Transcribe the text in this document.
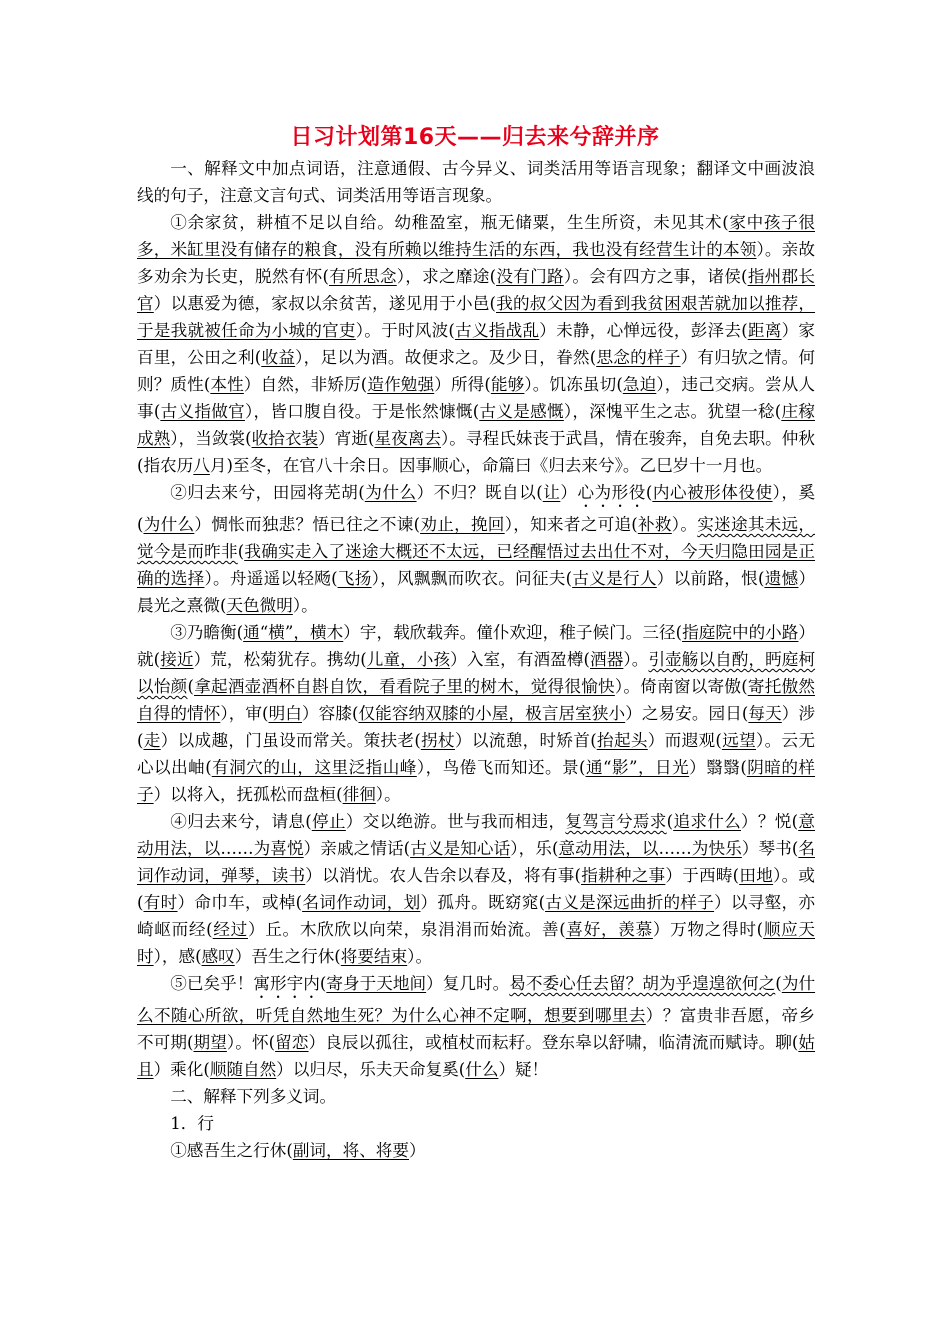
日习计划第16天——归去来兮辞并序

一、解释文中加点词语，注意通假、古今异义、词类活用等语言现象；翻译文中画波浪线的句子，注意文言句式、词类活用等语言现象。

①余家贫，耕植不足以自给。幼稚盈室，瓶无储粟，生生所资，未见其术(家中孩子很多，米缸里没有储存的粮食，没有所赖以维持生活的东西，我也没有经营生计的本领）。亲故多劝余为长吏，脱然有怀(有所思念），求之靡途(没有门路）。会有四方之事，诸侯(指州郡长官）以惠爱为德，家叔以余贫苦，遂见用于小邑(我的叔父因为看到我贫困艰苦就加以推荐，于是我就被任命为小城的官吏）。于时风波(古义指战乱）未静，心惮远役，彭泽去(距离）家百里，公田之利(收益），足以为酒。故便求之。及少日，眷然(思念的样子）有归欤之情。何则？质性(本性）自然，非矫厉(造作勉强）所得(能够）。饥冻虽切(急迫），违己交病。尝从人事(古义指做官），皆口腹自役。于是怅然慷慨(古义是感慨），深愧平生之志。犹望一稔(庄稼成熟），当敛裳(收拾衣装）宵逝(星夜离去）。寻程氏妹丧于武昌，情在骏奔，自免去职。仲秋(指农历八月)至冬，在官八十余日。因事顺心，命篇曰《归去来兮》。乙巳岁十一月也。

②归去来兮，田园将芜胡(为什么）不归？既自以(让）心为形役(内心被形体役使），奚(为什么）惆怅而独悲？悟已往之不谏(劝止，挽回），知来者之可追(补救）。实迷途其未远，觉今是而昨非(我确实走入了迷途大概还不太远，已经醒悟过去出仕不对，今天归隐田园是正确的选择）。舟遥遥以轻飏(飞扬），风飘飘而吹衣。问征夫(古义是行人）以前路，恨(遗憾）晨光之熹微(天色微明）。

③乃瞻衡(通“横”，横木）宇，载欣载奔。僮仆欢迎，稚子候门。三径(指庭院中的小路）就(接近）荒，松菊犹存。携幼(儿童，小孩）入室，有酒盈樽(酒器）。引壶觞以自酌，眄庭柯以怡颜(拿起酒壶酒杯自斟自饮，看看院子里的树木，觉得很愉快）。倚南窗以寄傲(寄托傲然自得的情怀），审(明白）容膝(仅能容纳双膝的小屋，极言居室狭小）之易安。园日(每天）涉(走）以成趣，门虽设而常关。策扶老(拐杖）以流憩，时矫首(抬起头）而遐观(远望）。云无心以出岫(有洞穴的山，这里泛指山峰），鸟倦飞而知还。景(通“影”，日光）翳翳(阴暗的样子）以将入，抚孤松而盘桓(徘徊）。

④归去来兮，请息(停止）交以绝游。世与我而相违，复驾言兮焉求(追求什么）？悦(意动用法，以……为喜悦）亲戚之情话(古义是知心话），乐(意动用法，以……为快乐）琴书(名词作动词，弹琴，读书）以消忧。农人告余以春及，将有事(指耕种之事）于西畴(田地）。或(有时）命巾车，或棹(名词作动词，划）孤舟。既窈窕(古义是深远曲折的样子）以寻壑，亦崎岖而经(经过）丘。木欣欣以向荣，泉涓涓而始流。善(喜好，羡慕）万物之得时(顺应天时），感(感叹）吾生之行休(将要结束）。

⑤已矣乎！寓形宇内(寄身于天地间）复几时。曷不委心任去留？胡为乎遑遑欲何之(为什么不随心所欲，听凭自然地生死？为什么心神不定啊，想要到哪里去）？富贵非吾愿，帝乡不可期(期望）。怀(留恋）良辰以孤往，或植杖而耘耔。登东皋以舒啸，临清流而赋诗。聊(姑且）乘化(顺随自然）以归尽，乐夫天命复奚(什么）疑！

二、解释下列多义词。

1．行

①感吾生之行休(副词，将、将要）
